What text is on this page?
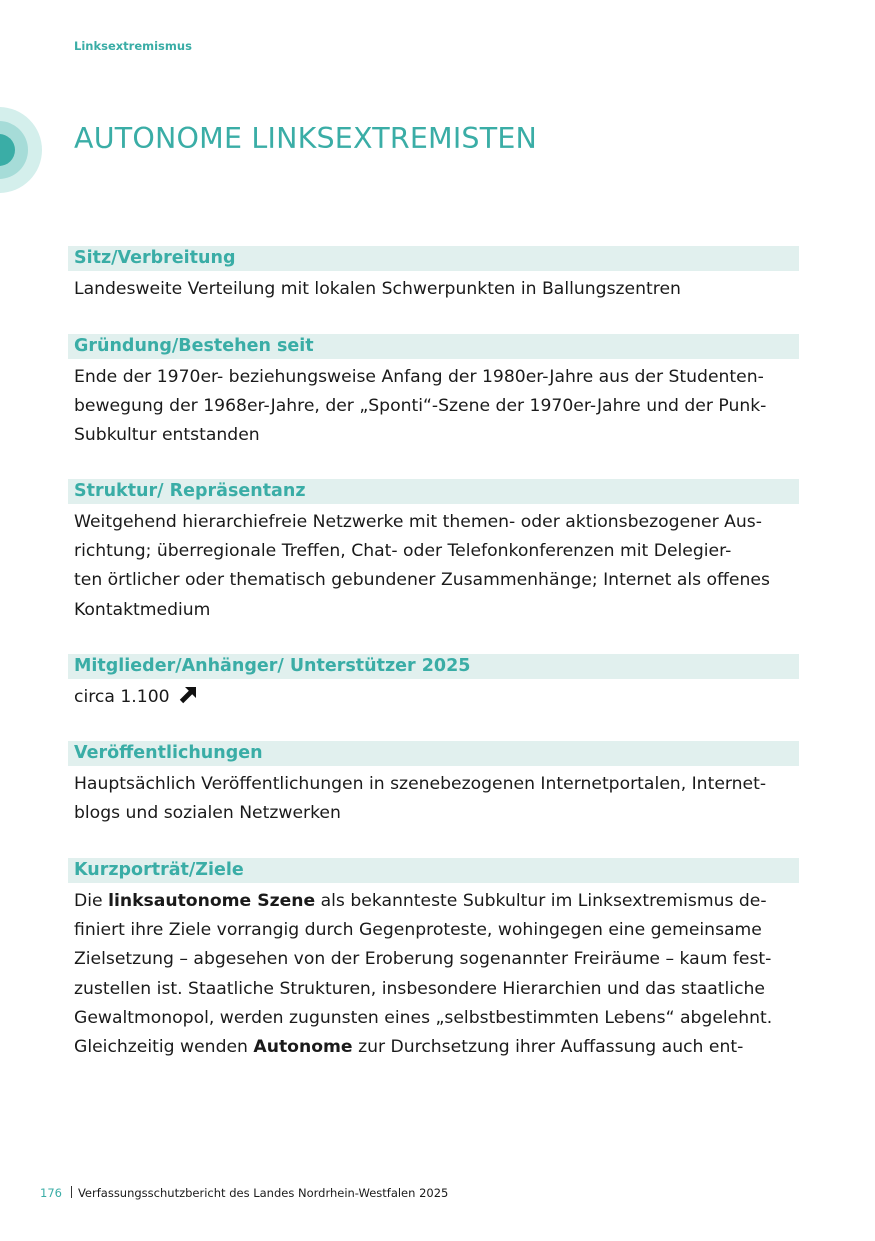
Linksextremismus
AUTONOME LINKSEXTREMISTEN
Sitz/Verbreitung
Landesweite Verteilung mit lokalen Schwerpunkten in Ballungszentren
Gründung/Bestehen seit
Ende der 1970er- beziehungsweise Anfang der 1980er-Jahre aus der Studenten-
bewegung der 1968er-Jahre, der „Sponti“-Szene der 1970er-Jahre und der Punk-
Subkultur entstanden
Struktur/ Repräsentanz
Weitgehend hierarchiefreie Netzwerke mit themen- oder aktionsbezogener Aus-
richtung; überregionale Treffen, Chat- oder Telefonkonferenzen mit Delegier-
ten örtlicher oder thematisch gebundener Zusammenhänge; Internet als offenes
Kontaktmedium
Mitglieder/Anhänger/ Unterstützer 2025
circa 1.100
Veröffentlichungen
Hauptsächlich Veröffentlichungen in szenebezogenen Internetportalen, Internet-
blogs und sozialen Netzwerken
Kurzporträt/Ziele
Die linksautonome Szene als bekannteste Subkultur im Linksextremismus de-
finiert ihre Ziele vorrangig durch Gegenproteste, wohingegen eine gemeinsame
Zielsetzung – abgesehen von der Eroberung sogenannter Freiräume – kaum fest-
zustellen ist. Staatliche Strukturen, insbesondere Hierarchien und das staatliche
Gewaltmonopol, werden zugunsten eines „selbstbestimmten Lebens“ abgelehnt.
Gleichzeitig wenden Autonome zur Durchsetzung ihrer Auffassung auch ent-
176 Verfassungsschutzbericht des Landes Nordrhein-Westfalen 2025
